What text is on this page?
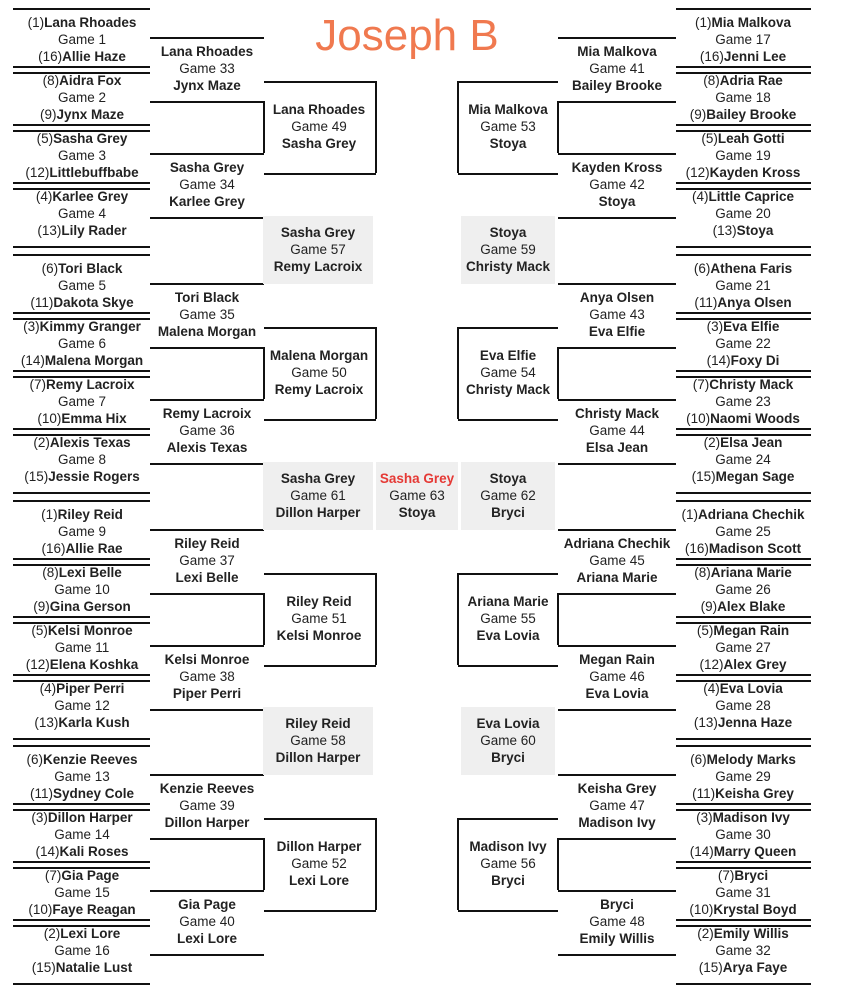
Joseph B
(1)Lana Rhoades
Game 1
(16)Allie Haze
(8)Aidra Fox
Game 2
(9)Jynx Maze
(5)Sasha Grey
Game 3
(12)Littlebuffbabe
(4)Karlee Grey
Game 4
(13)Lily Rader
(6)Tori Black
Game 5
(11)Dakota Skye
(3)Kimmy Granger
Game 6
(14)Malena Morgan
(7)Remy Lacroix
Game 7
(10)Emma Hix
(2)Alexis Texas
Game 8
(15)Jessie Rogers
(1)Riley Reid
Game 9
(16)Allie Rae
(8)Lexi Belle
Game 10
(9)Gina Gerson
(5)Kelsi Monroe
Game 11
(12)Elena Koshka
(4)Piper Perri
Game 12
(13)Karla Kush
(6)Kenzie Reeves
Game 13
(11)Sydney Cole
(3)Dillon Harper
Game 14
(14)Kali Roses
(7)Gia Page
Game 15
(10)Faye Reagan
(2)Lexi Lore
Game 16
(15)Natalie Lust
(1)Mia Malkova
Game 17
(16)Jenni Lee
(8)Adria Rae
Game 18
(9)Bailey Brooke
(5)Leah Gotti
Game 19
(12)Kayden Kross
(4)Little Caprice
Game 20
(13)Stoya
(6)Athena Faris
Game 21
(11)Anya Olsen
(3)Eva Elfie
Game 22
(14)Foxy Di
(7)Christy Mack
Game 23
(10)Naomi Woods
(2)Elsa Jean
Game 24
(15)Megan Sage
(1)Adriana Chechik
Game 25
(16)Madison Scott
(8)Ariana Marie
Game 26
(9)Alex Blake
(5)Megan Rain
Game 27
(12)Alex Grey
(4)Eva Lovia
Game 28
(13)Jenna Haze
(6)Melody Marks
Game 29
(11)Keisha Grey
(3)Madison Ivy
Game 30
(14)Marry Queen
(7)Bryci
Game 31
(10)Krystal Boyd
(2)Emily Willis
Game 32
(15)Arya Faye
Lana Rhoades
Game 33
Jynx Maze
Sasha Grey
Game 34
Karlee Grey
Tori Black
Game 35
Malena Morgan
Remy Lacroix
Game 36
Alexis Texas
Riley Reid
Game 37
Lexi Belle
Kelsi Monroe
Game 38
Piper Perri
Kenzie Reeves
Game 39
Dillon Harper
Gia Page
Game 40
Lexi Lore
Mia Malkova
Game 41
Bailey Brooke
Kayden Kross
Game 42
Stoya
Anya Olsen
Game 43
Eva Elfie
Christy Mack
Game 44
Elsa Jean
Adriana Chechik
Game 45
Ariana Marie
Megan Rain
Game 46
Eva Lovia
Keisha Grey
Game 47
Madison Ivy
Bryci
Game 48
Emily Willis
Lana Rhoades
Game 49
Sasha Grey
Malena Morgan
Game 50
Remy Lacroix
Riley Reid
Game 51
Kelsi Monroe
Dillon Harper
Game 52
Lexi Lore
Mia Malkova
Game 53
Stoya
Eva Elfie
Game 54
Christy Mack
Ariana Marie
Game 55
Eva Lovia
Madison Ivy
Game 56
Bryci
Sasha Grey
Game 57
Remy Lacroix
Riley Reid
Game 58
Dillon Harper
Stoya
Game 59
Christy Mack
Eva Lovia
Game 60
Bryci
Sasha Grey
Game 61
Dillon Harper
Stoya
Game 62
Bryci
Sasha Grey
Game 63
Stoya
